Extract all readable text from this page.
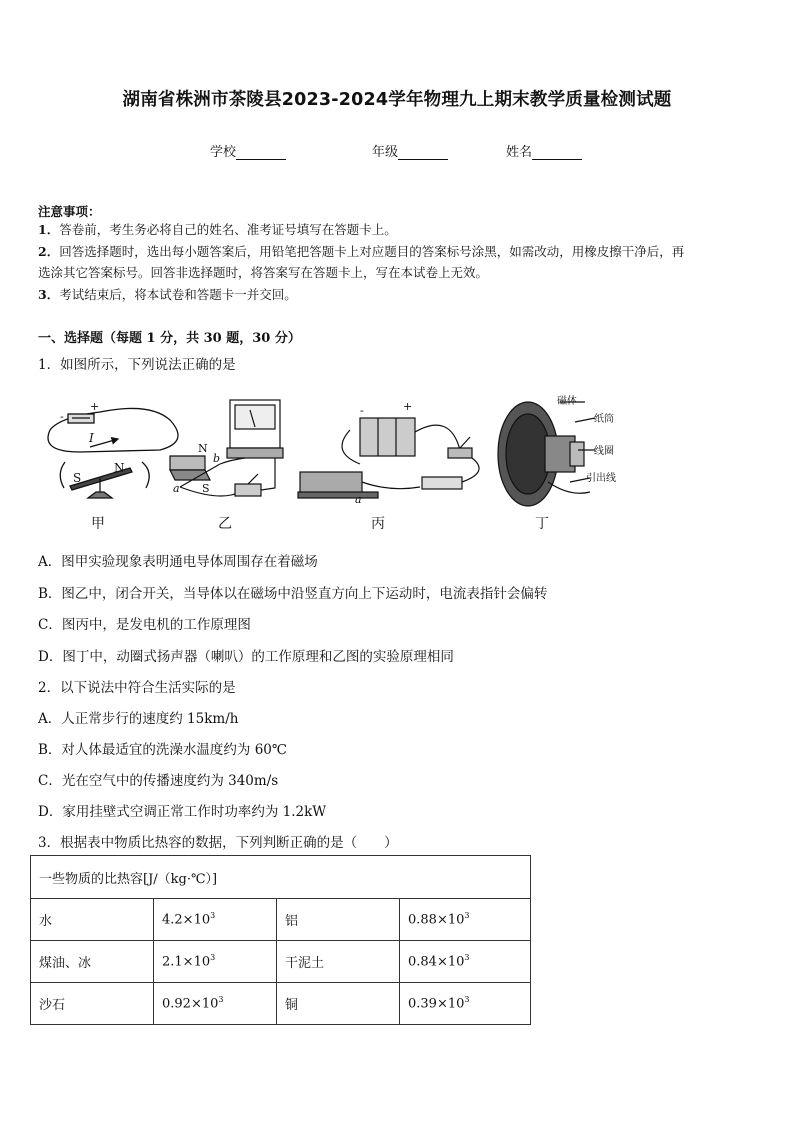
湖南省株洲市茶陵县2023-2024学年物理九上期末教学质量检测试题
学校	年级	姓名
注意事项：
1．答卷前，考生务必将自己的姓名、准考证号填写在答题卡上。
2．回答选择题时，选出每小题答案后，用铅笔把答题卡上对应题目的答案标号涂黑，如需改动，用橡皮擦干净后，再
选涂其它答案标号。回答非选择题时，将答案写在答题卡上，写在本试卷上无效。
3．考试结束后，将本试卷和答题卡一并交回。
一、选择题（每题 1 分，共 30 题，30 分）
1．如图所示，下列说法正确的是
-
+
I
S
N
N
S
b
a
+
-
a
磁体
纸筒
线圈
引出线
甲	乙	丙	丁
A．图甲实验现象表明通电导体周围存在着磁场
B．图乙中，闭合开关，当导体以在磁场中沿竖直方向上下运动时，电流表指针会偏转
C．图丙中，是发电机的工作原理图
D．图丁中，动圈式扬声器（喇叭）的工作原理和乙图的实验原理相同
2．以下说法中符合生活实际的是
A．人正常步行的速度约 15km/h
B．对人体最适宜的洗澡水温度约为 60℃
C．光在空气中的传播速度约为 340m/s
D．家用挂壁式空调正常工作时功率约为 1.2kW
3．根据表中物质比热容的数据，下列判断正确的是（　　）
一些物质的比热容[J/（kg·℃）]			
水	$4.2\times 10^3$	铝	$0.88\times 10^3$
煤油、冰	$2.1\times 10^3$	干泥土	$0.84\times 10^3$
沙石	$0.92\times 10^3$	铜	$0.39\times 10^3$
